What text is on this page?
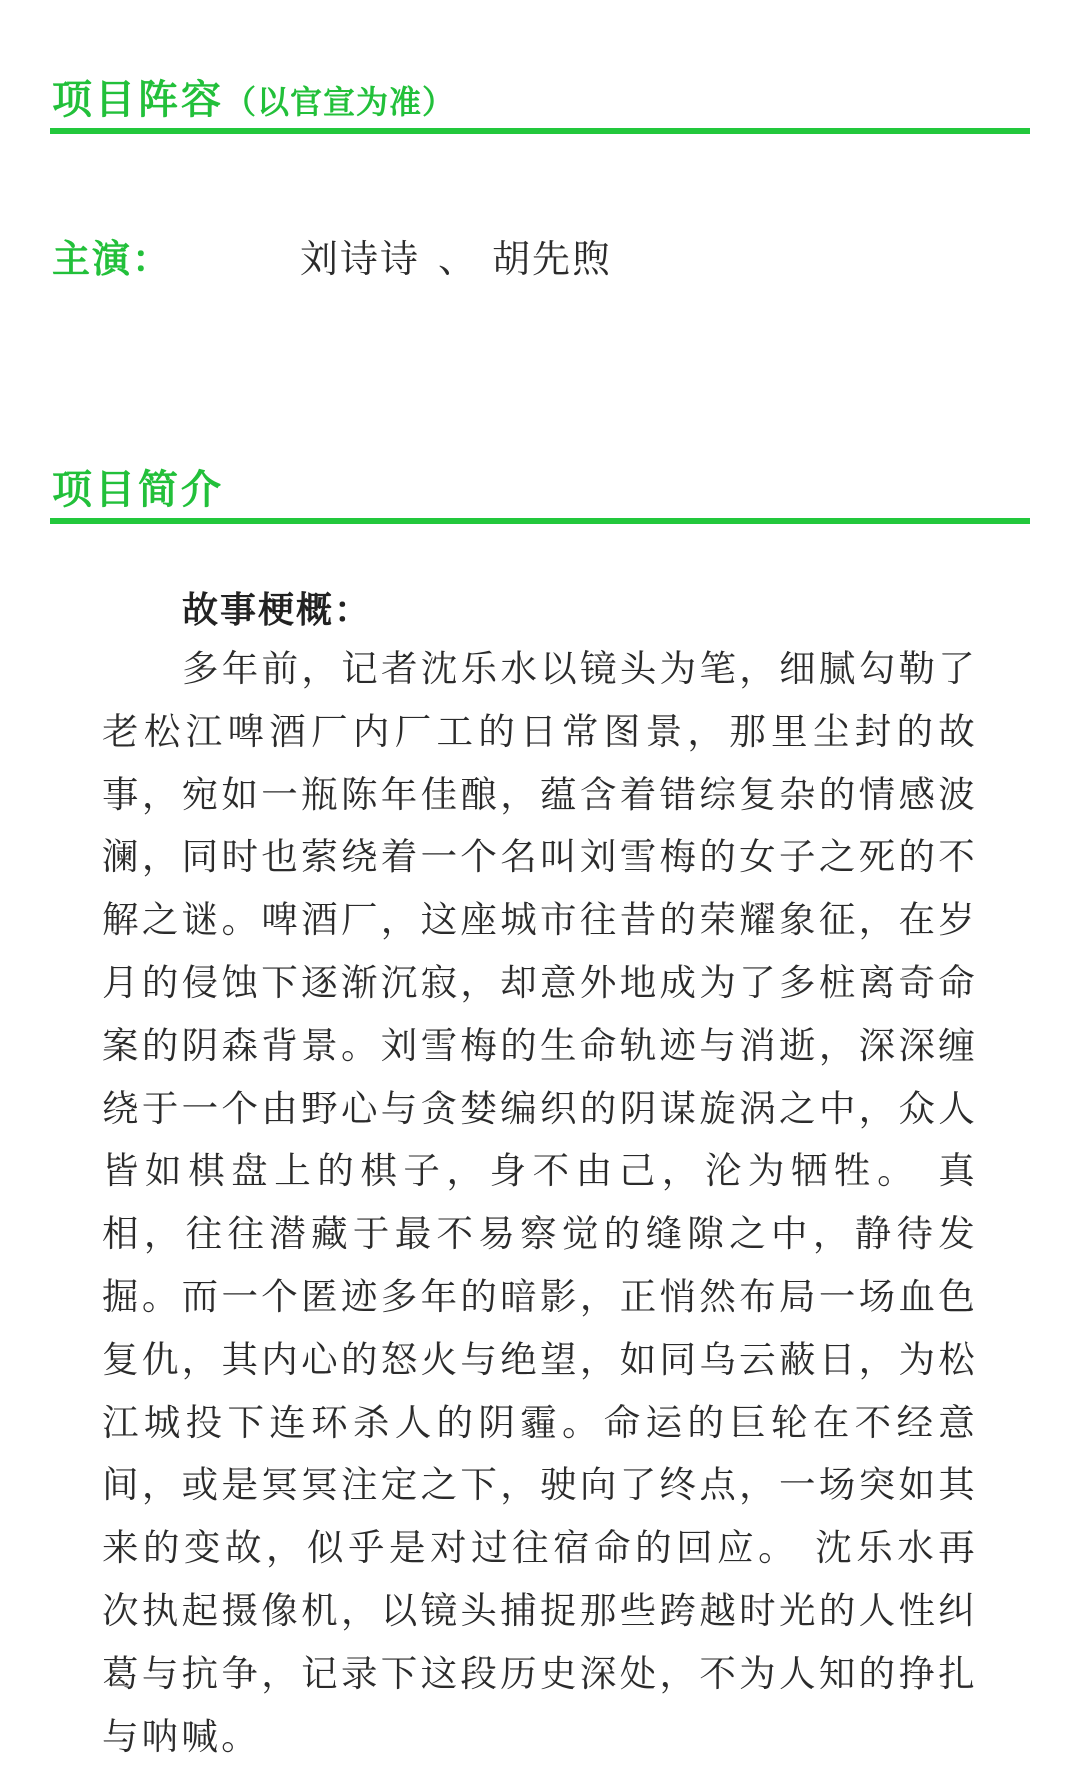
项目阵容（以官宣为准）
主演：	刘诗诗 、 胡先煦
项目简介
故事梗概：

多年前，记者沈乐水以镜头为笔，细腻勾勒了老松江啤酒厂内厂工的日常图景，那里尘封的故事，宛如一瓶陈年佳酿，蕴含着错综复杂的情感波澜，同时也萦绕着一个名叫刘雪梅的女子之死的不解之谜。啤酒厂，这座城市往昔的荣耀象征，在岁月的侵蚀下逐渐沉寂，却意外地成为了多桩离奇命案的阴森背景。刘雪梅的生命轨迹与消逝，深深缠绕于一个由野心与贪婪编织的阴谋旋涡之中，众人皆如棋盘上的棋子，身不由己，沦为牺牲。 真相，往往潜藏于最不易察觉的缝隙之中，静待发掘。而一个匿迹多年的暗影，正悄然布局一场血色复仇，其内心的怒火与绝望，如同乌云蔽日，为松江城投下连环杀人的阴霾。命运的巨轮在不经意间，或是冥冥注定之下，驶向了终点，一场突如其来的变故，似乎是对过往宿命的回应。 沈乐水再次执起摄像机，以镜头捕捉那些跨越时光的人性纠葛与抗争，记录下这段历史深处，不为人知的挣扎与呐喊。
